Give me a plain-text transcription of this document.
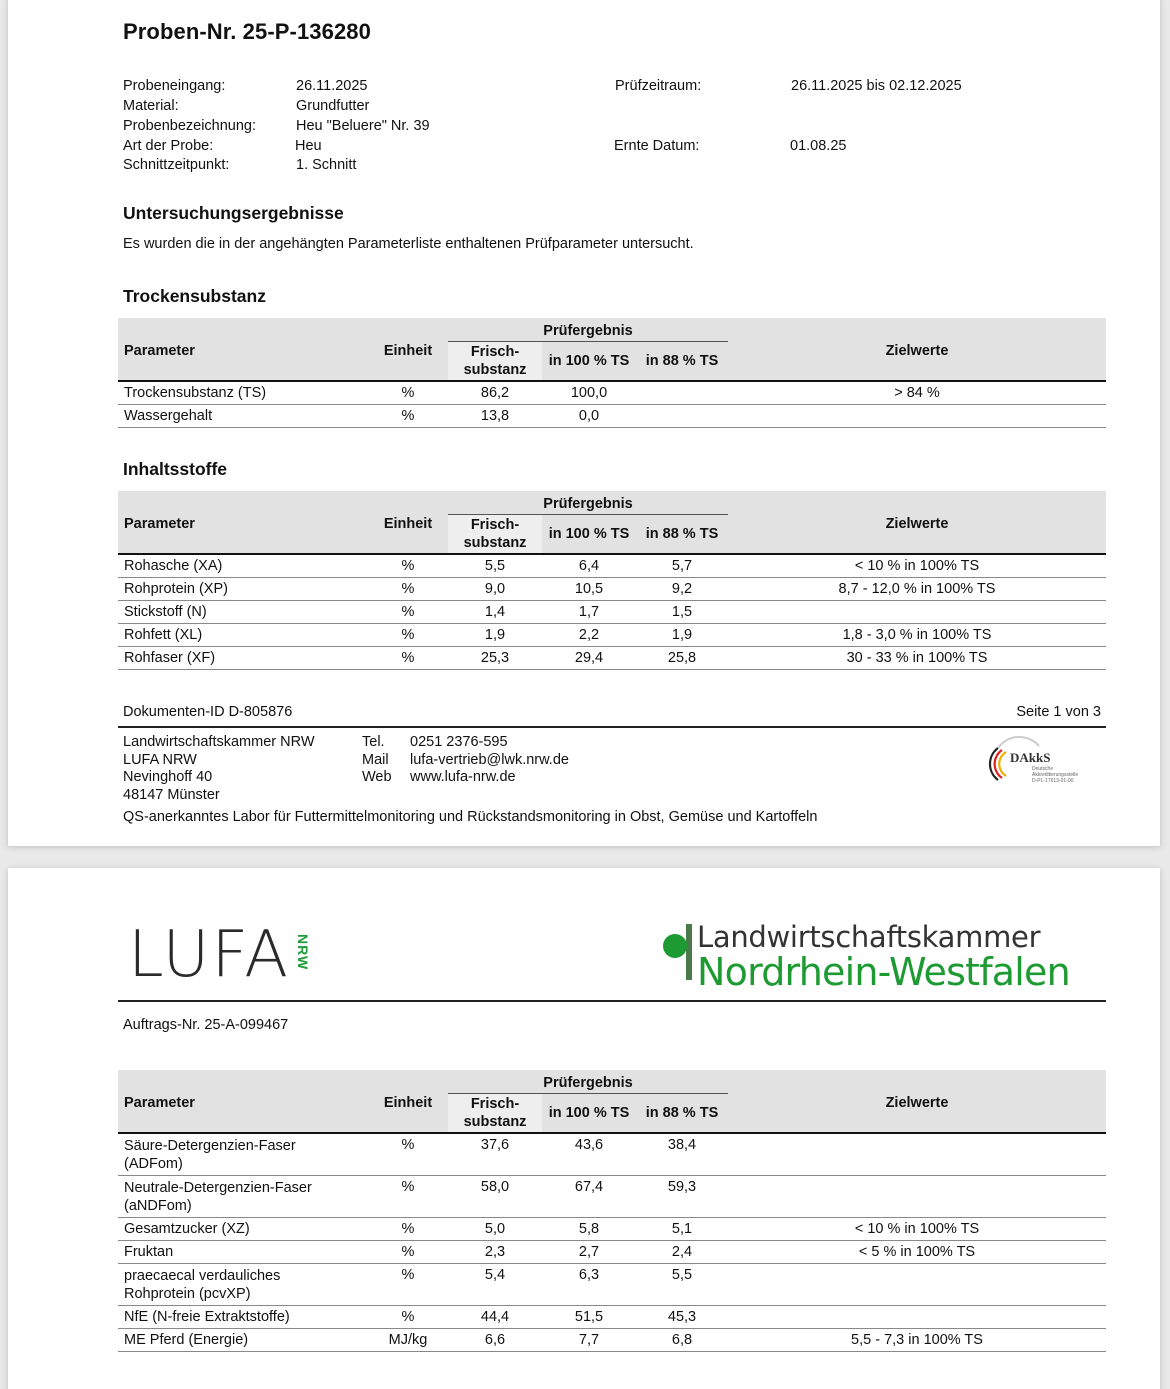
Proben-Nr. 25-P-136280
Probeneingang:	26.11.2025
Material:	Grundfutter
Probenbezeichnung:	Heu "Beluere" Nr. 39
Art der Probe:	Heu
Schnittzeitpunkt:	1. Schnitt
Prüfzeitraum:	26.11.2025 bis 02.12.2025
Ernte Datum:	01.08.25
Untersuchungsergebnisse
Es wurden die in der angehängten Parameterliste enthaltenen Prüfparameter untersucht.
Trockensubstanz
Parameter	Einheit	Prüfergebnis			Zielwerte
		Frisch-
substanz	in 100 % TS	in 88 % TS	
Trockensubstanz (TS)	%	86,2	100,0		> 84 %
Wassergehalt	%	13,8	0,0		
Inhaltsstoffe
Parameter	Einheit	Prüfergebnis			Zielwerte
		Frisch-
substanz	in 100 % TS	in 88 % TS	
Rohasche (XA)	%	5,5	6,4	5,7	< 10 % in 100% TS
Rohprotein (XP)	%	9,0	10,5	9,2	8,7 - 12,0 % in 100% TS
Stickstoff (N)	%	1,4	1,7	1,5	
Rohfett (XL)	%	1,9	2,2	1,9	1,8 - 3,0 % in 100% TS
Rohfaser (XF)	%	25,3	29,4	25,8	30 - 33 % in 100% TS
Dokumenten-ID D-805876	Seite 1 von 3
Landwirtschaftskammer NRW
LUFA NRW
Nevinghoff 40
48147 Münster
Tel. 0251 2376-595
Mail lufa-vertrieb@lwk.nrw.de
Web www.lufa-nrw.de
DAkkS
Deutsche
Akkreditierungsstelle
D-PL-17613-01-00
QS-anerkanntes Labor für Futtermittelmonitoring und Rückstandsmonitoring in Obst, Gemüse und Kartoffeln
LUFA NRW	Landwirtschaftskammer
Nordrhein-Westfalen
Auftrags-Nr. 25-A-099467
Parameter	Einheit	Prüfergebnis			Zielwerte
		Frisch-
substanz	in 100 % TS	in 88 % TS	

Säure-Detergenzien-Faser
(ADFom)	%	37,6	43,6	38,4	

Neutrale-Detergenzien-Faser
(aNDFom)	%	58,0	67,4	59,3	
Gesamtzucker (XZ)	%	5,0	5,8	5,1	< 10 % in 100% TS
Fruktan	%	2,3	2,7	2,4	< 5 % in 100% TS

praecaecal verdauliches
Rohprotein (pcvXP)	%	5,4	6,3	5,5	
NfE (N-freie Extraktstoffe)	%	44,4	51,5	45,3	
ME Pferd (Energie)	MJ/kg	6,6	7,7	6,8	5,5 - 7,3 in 100% TS
